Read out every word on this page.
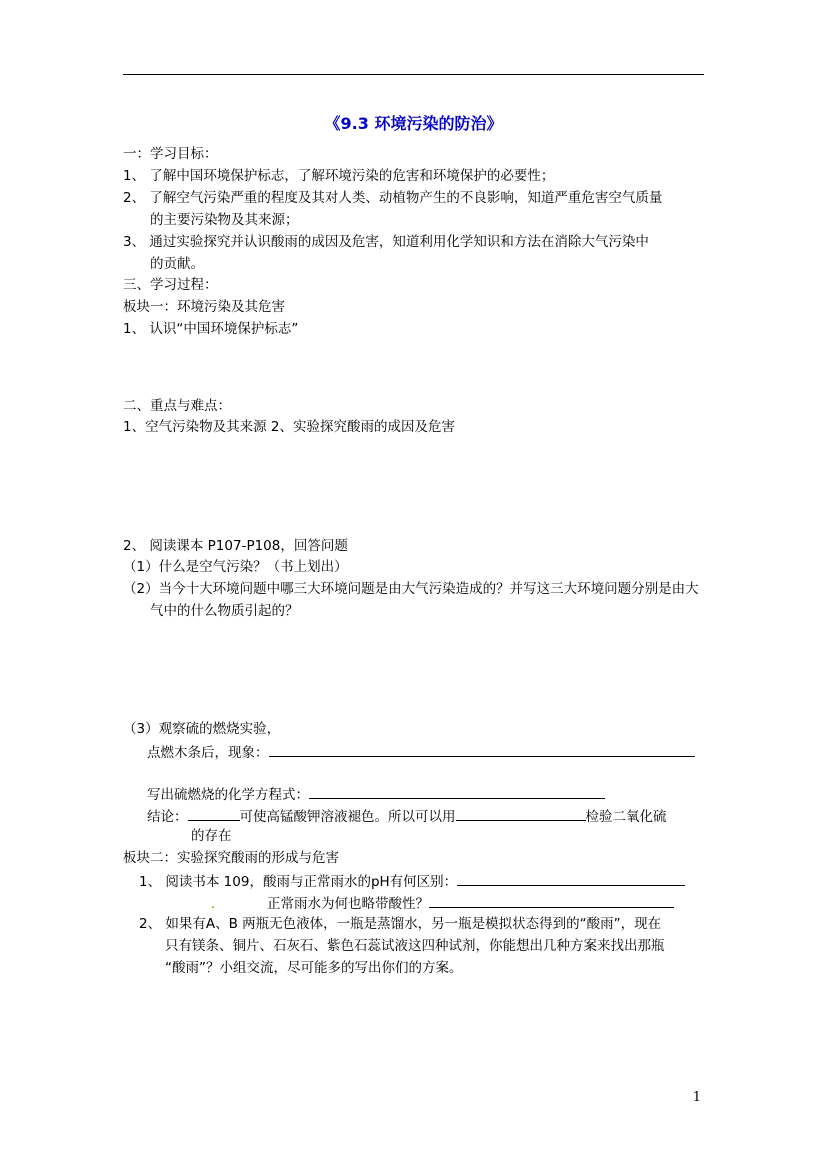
《9.3 环境污染的防治》
一：学习目标：
1、 了解中国环境保护标志，了解环境污染的危害和环境保护的必要性；
2、 了解空气污染严重的程度及其对人类、动植物产生的不良影响，知道严重危害空气质量
的主要污染物及其来源；
3、 通过实验探究并认识酸雨的成因及危害，知道利用化学知识和方法在消除大气污染中
的贡献。
三、学习过程：
板块一：环境污染及其危害
1、 认识“中国环境保护标志”
二、重点与难点：
1、空气污染物及其来源 2、实验探究酸雨的成因及危害
2、 阅读课本 P107-P108，回答问题
（1）什么是空气污染？（书上划出）
（2）当今十大环境问题中哪三大环境问题是由大气污染造成的？并写这三大环境问题分别是由大
气中的什么物质引起的？
（3）观察硫的燃烧实验，
点燃木条后，现象：
写出硫燃烧的化学方程式：
结论：	可使高锰酸钾溶液褪色。所以可以用	检验二氧化硫
的存在
板块二：实验探究酸雨的形成与危害
1、 阅读书本 109，酸雨与正常雨水的pH有何区别：
正常雨水为何也略带酸性？
2、 如果有A、B 两瓶无色液体，一瓶是蒸馏水，另一瓶是模拟状态得到的“酸雨”，现在
只有镁条、铜片、石灰石、紫色石蕊试液这四种试剂，你能想出几种方案来找出那瓶
“酸雨”？小组交流，尽可能多的写出你们的方案。
1
